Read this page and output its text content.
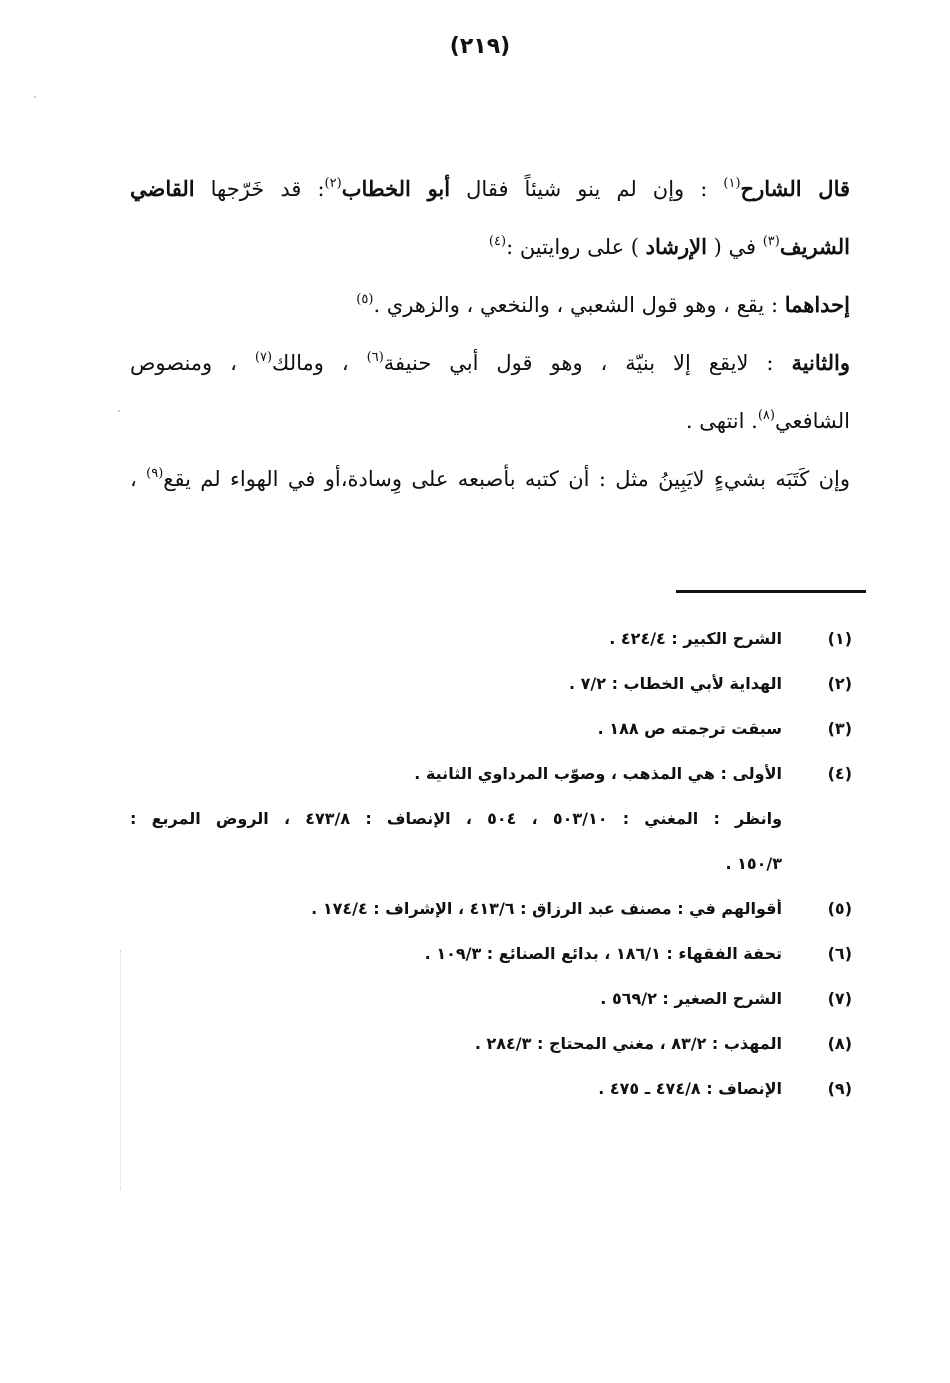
(٢١٩)
قال الشارح$^{(١)}$ : وإن لم ينو شيئاً فقال أبو الخطاب$^{(٢)}$: قد خَرّجها القاضي
الشريف$^{(٣)}$ في ( الإرشاد ) على روايتين :$^{(٤)}$
إحداهما : يقع ، وهو قول الشعبي ، والنخعي ، والزهري .$^{(٥)}$
والثانية : لايقع إلا بنيّة ، وهو قول أبي حنيفة$^{(٦)}$ ، ومالك$^{(٧)}$ ، ومنصوص
الشافعي$^{(٨)}$. انتهى .
وإن كَتَبَه بشيءٍ لايَبِينُ مثل : أن كتبه بأصبعه على وِسادة،أو في الهواء لم يقع$^{(٩)}$ ،
(١)
الشرح الكبير : ٤٢٤/٤ .
(٢)
الهداية لأبي الخطاب : ٧/٢ .
(٣)
سبقت ترجمته ص ١٨٨ .
(٤)
الأولى : هي المذهب ، وصوّب المرداوي الثانية .
وانظر : المغني : ٥٠٣/١٠ ، ٥٠٤ ، الإنصاف : ٤٧٣/٨ ، الروض المربع :
١٥٠/٣ .
(٥)
أقوالهم في : مصنف عبد الرزاق : ٤١٣/٦ ، الإشراف : ١٧٤/٤ .
(٦)
تحفة الفقهاء : ١٨٦/١ ، بدائع الصنائع : ١٠٩/٣ .
(٧)
الشرح الصغير : ٥٦٩/٢ .
(٨)
المهذب : ٨٣/٢ ، مغني المحتاج : ٢٨٤/٣ .
(٩)
الإنصاف : ٤٧٤/٨ ـ ٤٧٥ .
